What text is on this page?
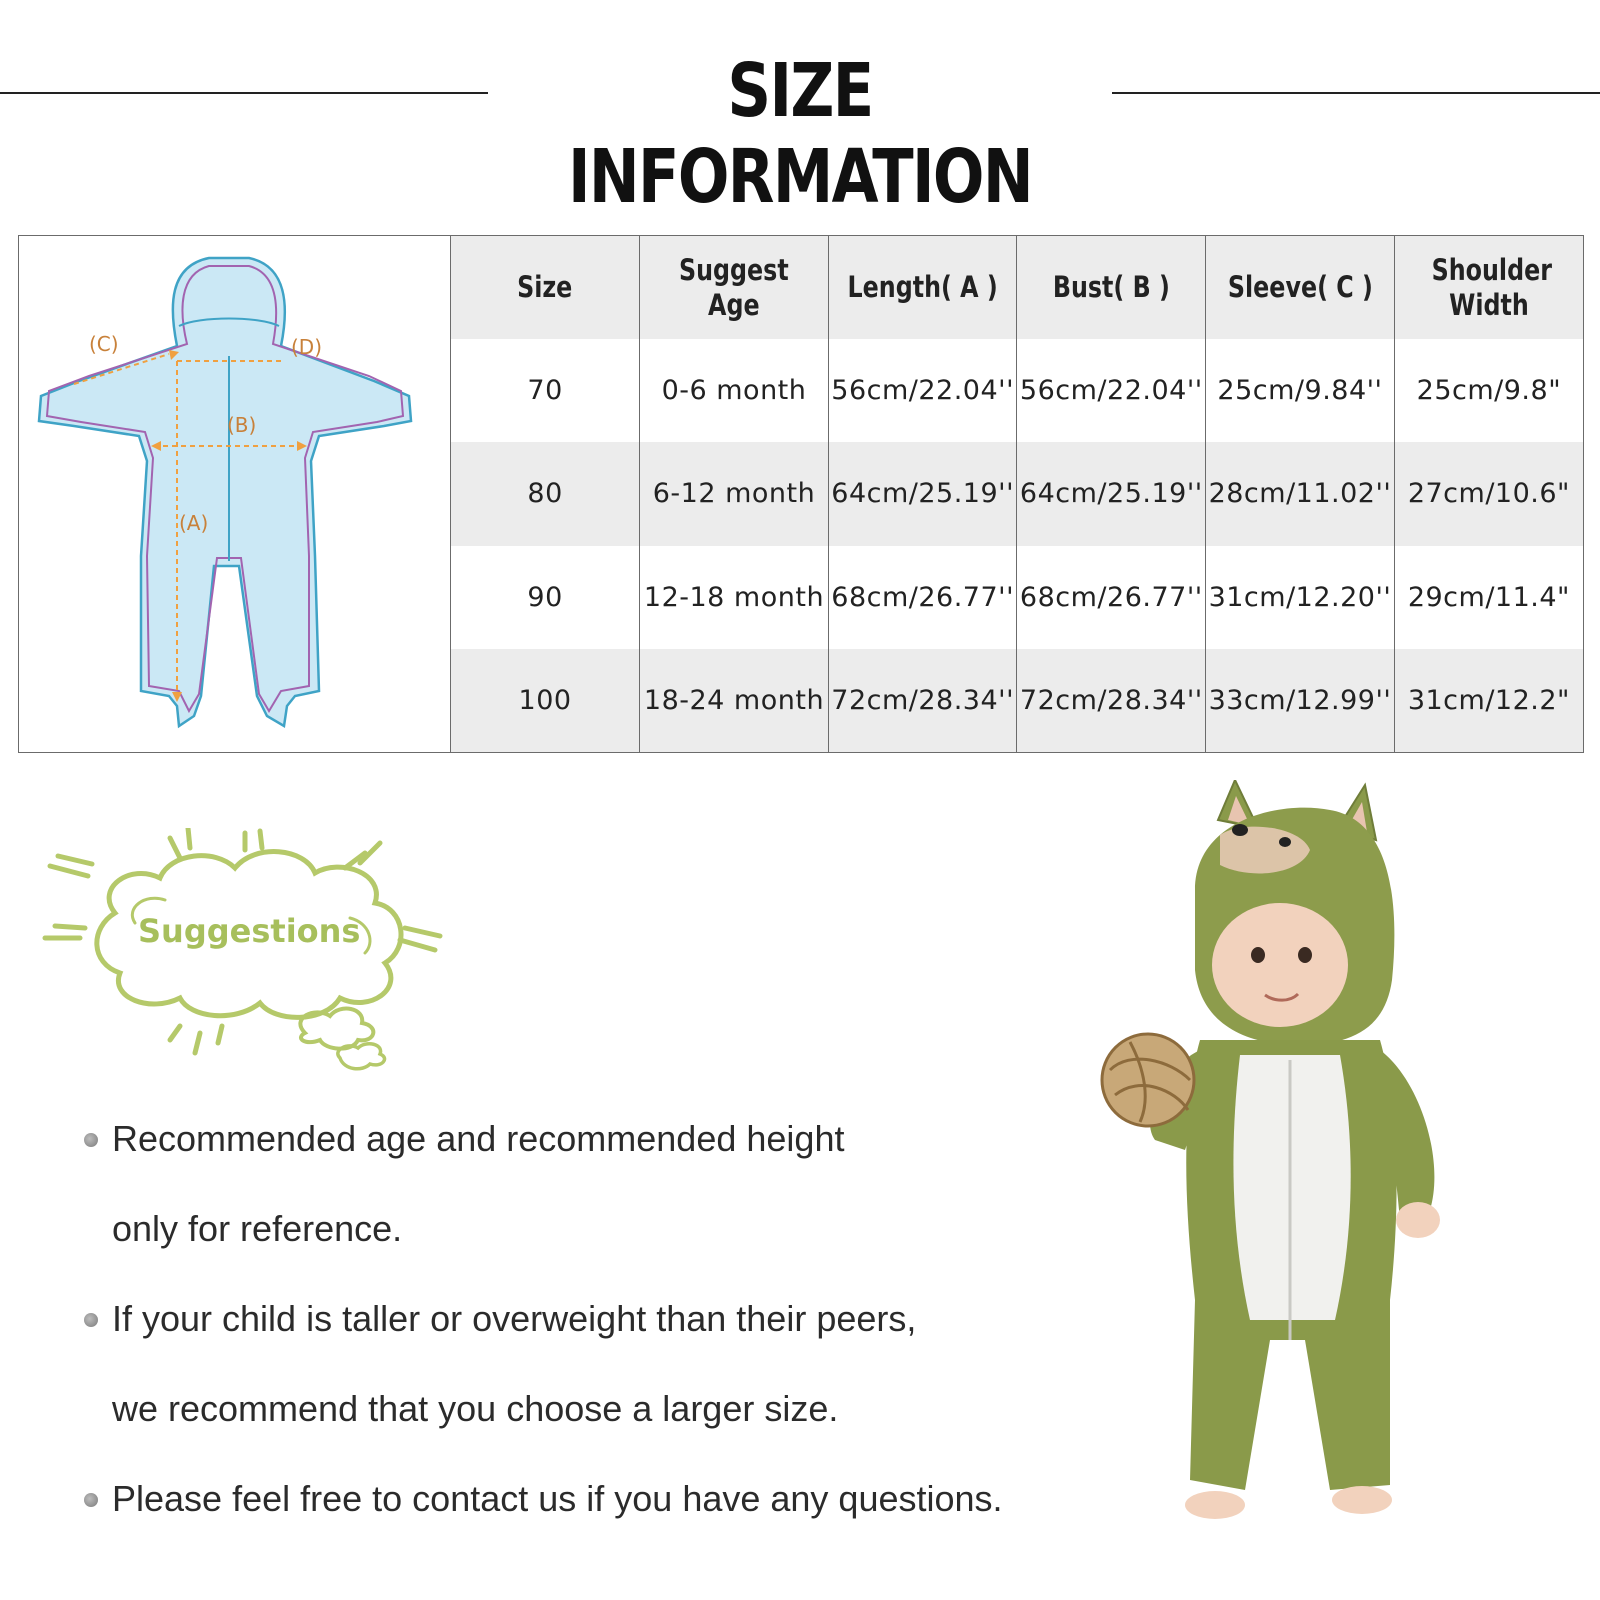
SIZE INFORMATION
(C)	(D)
(B)
(A)
Size	Suggest Age	Length( A )	Bust( B )	Sleeve( C )	Shoulder Width
70	0-6 month	56cm/22.04''	56cm/22.04''	25cm/9.84''	25cm/9.8"
80	6-12 month	64cm/25.19''	64cm/25.19''	28cm/11.02''	27cm/10.6"
90	12-18 month	68cm/26.77''	68cm/26.77''	31cm/12.20''	29cm/11.4"
100	18-24 month	72cm/28.34''	72cm/28.34''	33cm/12.99''	31cm/12.2"
Suggestions
Recommended age and recommended height
only for reference.
If your child is taller or overweight than their peers,
we recommend that you choose a larger size.
Please feel free to contact us if you have any questions.
